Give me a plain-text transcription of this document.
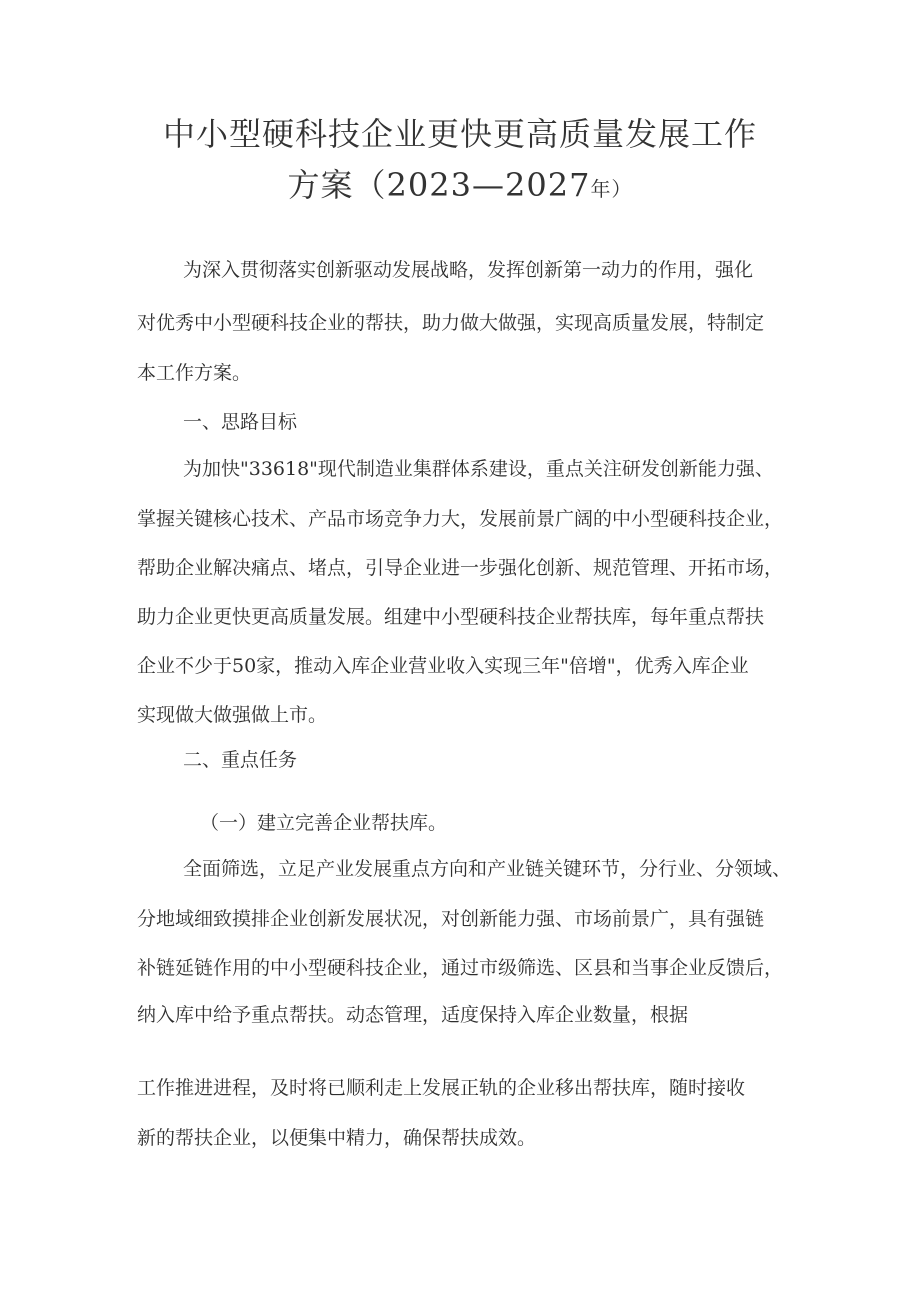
中小型硬科技企业更快更高质量发展工作
方案（2023—2027年）
为深入贯彻落实创新驱动发展战略，发挥创新第一动力的作用，强化
对优秀中小型硬科技企业的帮扶，助力做大做强，实现高质量发展，特制定
本工作方案。
一、思路目标
为加快"33618"现代制造业集群体系建设，重点关注研发创新能力强、
掌握关键核心技术、产品市场竞争力大，发展前景广阔的中小型硬科技企业，
帮助企业解决痛点、堵点，引导企业进一步强化创新、规范管理、开拓市场，
助力企业更快更高质量发展。组建中小型硬科技企业帮扶库，每年重点帮扶
企业不少于50家，推动入库企业营业收入实现三年"倍增"，优秀入库企业
实现做大做强做上市。
二、重点任务
（一）建立完善企业帮扶库。
全面筛选，立足产业发展重点方向和产业链关键环节，分行业、分领域、
分地域细致摸排企业创新发展状况，对创新能力强、市场前景广，具有强链
补链延链作用的中小型硬科技企业，通过市级筛选、区县和当事企业反馈后，
纳入库中给予重点帮扶。动态管理，适度保持入库企业数量，根据
工作推进进程，及时将已顺利走上发展正轨的企业移出帮扶库，随时接收
新的帮扶企业，以便集中精力，确保帮扶成效。
